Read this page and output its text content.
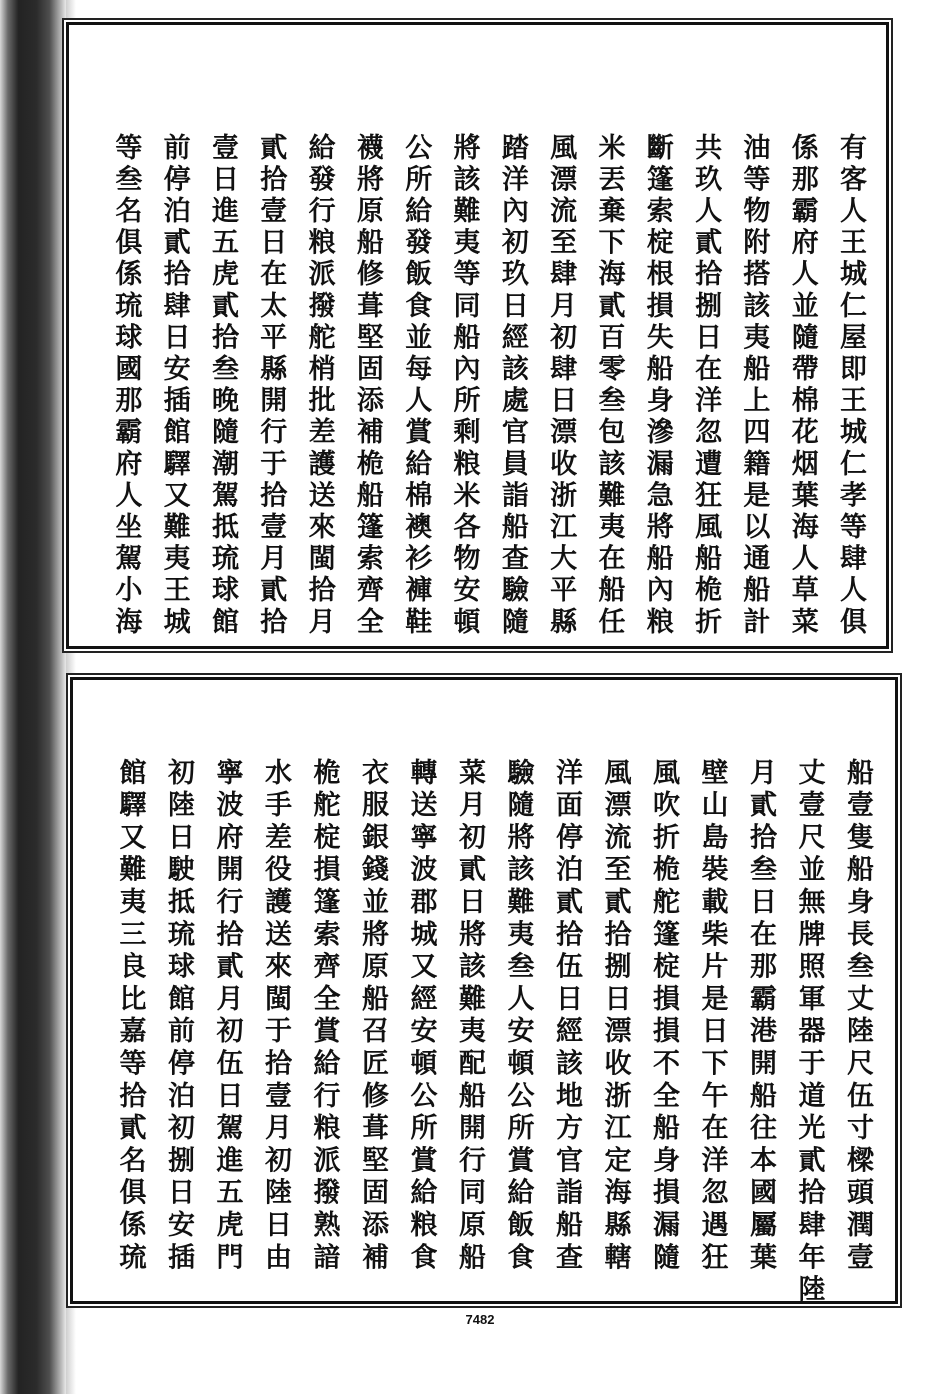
有客人王城仁屋即王城仁孝等肆人俱
係那霸府人並隨帶棉花烟葉海人草菜
油等物附搭該夷船上四籍是以通船計
共玖人貳拾捌日在洋忽遭狂風船桅折
斷篷索椗根損失船身滲漏急將船內粮
米丟棄下海貳百零叁包該難夷在船任
風漂流至肆月初肆日漂收浙江大平縣
踏洋內初玖日經該處官員詣船查驗隨
將該難夷等同船內所剩粮米各物安頓
公所給發飯食並每人賞給棉襖衫褲鞋
襪將原船修葺堅固添補桅船篷索齊全
給發行粮派撥舵梢批差護送來閩拾月
貳拾壹日在太平縣開行于拾壹月貳拾
壹日進五虎貳拾叁晚隨潮駕抵琉球館
前停泊貳拾肆日安插館驛又難夷王城
等叁名俱係琉球國那霸府人坐駕小海
船壹隻船身長叁丈陸尺伍寸樑頭潤壹
丈壹尺並無牌照軍器于道光貳拾肆年陸
月貳拾叁日在那霸港開船往本國屬葉
壁山島裝載柴片是日下午在洋忽遇狂
風吹折桅舵篷椗損損不全船身損漏隨
風漂流至貳拾捌日漂收浙江定海縣轄
洋面停泊貳拾伍日經該地方官詣船查
驗隨將該難夷叁人安頓公所賞給飯食
菜月初貳日將該難夷配船開行同原船
轉送寧波郡城又經安頓公所賞給粮食
衣服銀錢並將原船召匠修葺堅固添補
桅舵椗損篷索齊全賞給行粮派撥熟諳
水手差役護送來閩于拾壹月初陸日由
寧波府開行拾貳月初伍日駕進五虎門
初陸日駛抵琉球館前停泊初捌日安插
館驛又難夷三良比嘉等拾貳名俱係琉
7482
